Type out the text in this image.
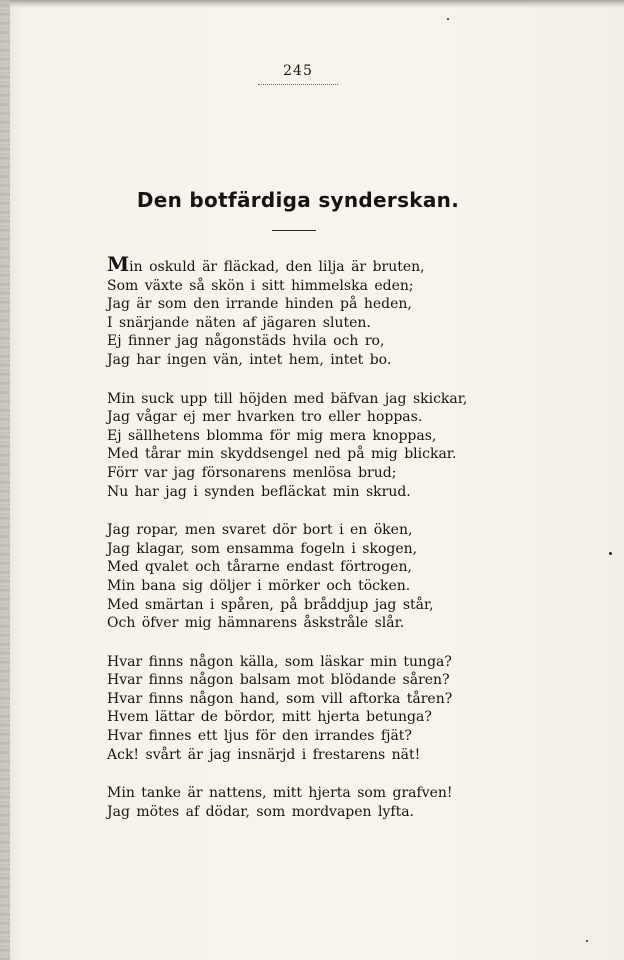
245
Den botfärdiga synderskan.
Min oskuld är fläckad, den lilja är bruten,
Som växte så skön i sitt himmelska eden;
Jag är som den irrande hinden på heden,
I snärjande näten af jägaren sluten.
Ej finner jag någonstäds hvila och ro,
Jag har ingen vän, intet hem, intet bo.
Min suck upp till höjden med bäfvan jag skickar,
Jag vågar ej mer hvarken tro eller hoppas.
Ej sällhetens blomma för mig mera knoppas,
Med tårar min skyddsengel ned på mig blickar.
Förr var jag försonarens menlösa brud;
Nu har jag i synden befläckat min skrud.
Jag ropar, men svaret dör bort i en öken,
Jag klagar, som ensamma fogeln i skogen,
Med qvalet och tårarne endast förtrogen,
Min bana sig döljer i mörker och töcken.
Med smärtan i spåren, på bråddjup jag står,
Och öfver mig hämnarens åskstråle slår.
Hvar finns någon källa, som läskar min tunga?
Hvar finns någon balsam mot blödande såren?
Hvar finns någon hand, som vill aftorka tåren?
Hvem lättar de bördor, mitt hjerta betunga?
Hvar finnes ett ljus för den irrandes fjät?
Ack! svårt är jag insnärjd i frestarens nät!
Min tanke är nattens, mitt hjerta som grafven!
Jag mötes af dödar, som mordvapen lyfta.
